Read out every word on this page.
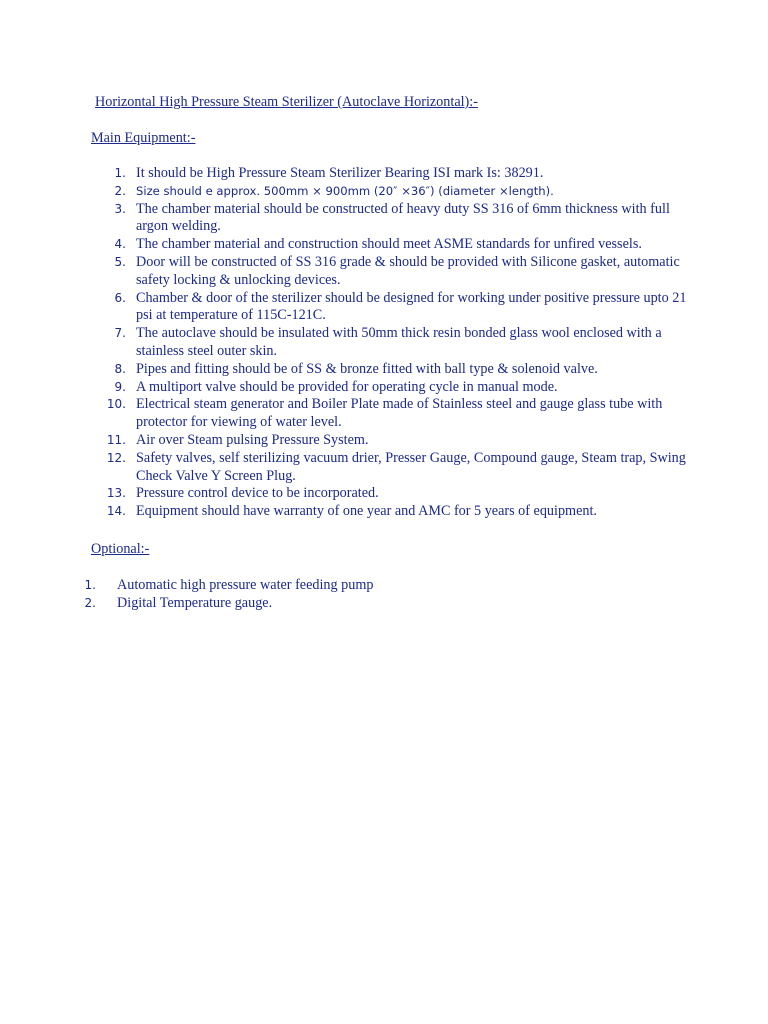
Horizontal High Pressure Steam Sterilizer (Autoclave Horizontal):-
Main Equipment:-
1. It should be High Pressure Steam Sterilizer Bearing ISI mark Is: 38291.
2. Size should e approx. 500mm × 900mm (20″ ×36″) (diameter ×length).
3. The chamber material should be constructed of heavy duty SS 316 of 6mm thickness with full argon welding.
4. The chamber material and construction should meet ASME standards for unfired vessels.
5. Door will be constructed of SS 316 grade & should be provided with Silicone gasket, automatic safety locking & unlocking devices.
6. Chamber & door of the sterilizer should be designed for working under positive pressure upto 21 psi at temperature of 115C-121C.
7. The autoclave should be insulated with 50mm thick resin bonded glass wool enclosed with a stainless steel outer skin.
8. Pipes and fitting should be of SS & bronze fitted with ball type & solenoid valve.
9. A multiport valve should be provided for operating cycle in manual mode.
10. Electrical steam generator and Boiler Plate made of Stainless steel and gauge glass tube with protector for viewing of water level.
11. Air over Steam pulsing Pressure System.
12. Safety valves, self sterilizing vacuum drier, Presser Gauge, Compound gauge, Steam trap, Swing Check Valve Y Screen Plug.
13. Pressure control device to be incorporated.
14. Equipment should have warranty of one year and AMC for 5 years of equipment.
Optional:-
1. Automatic high pressure water feeding pump
2. Digital Temperature gauge.
